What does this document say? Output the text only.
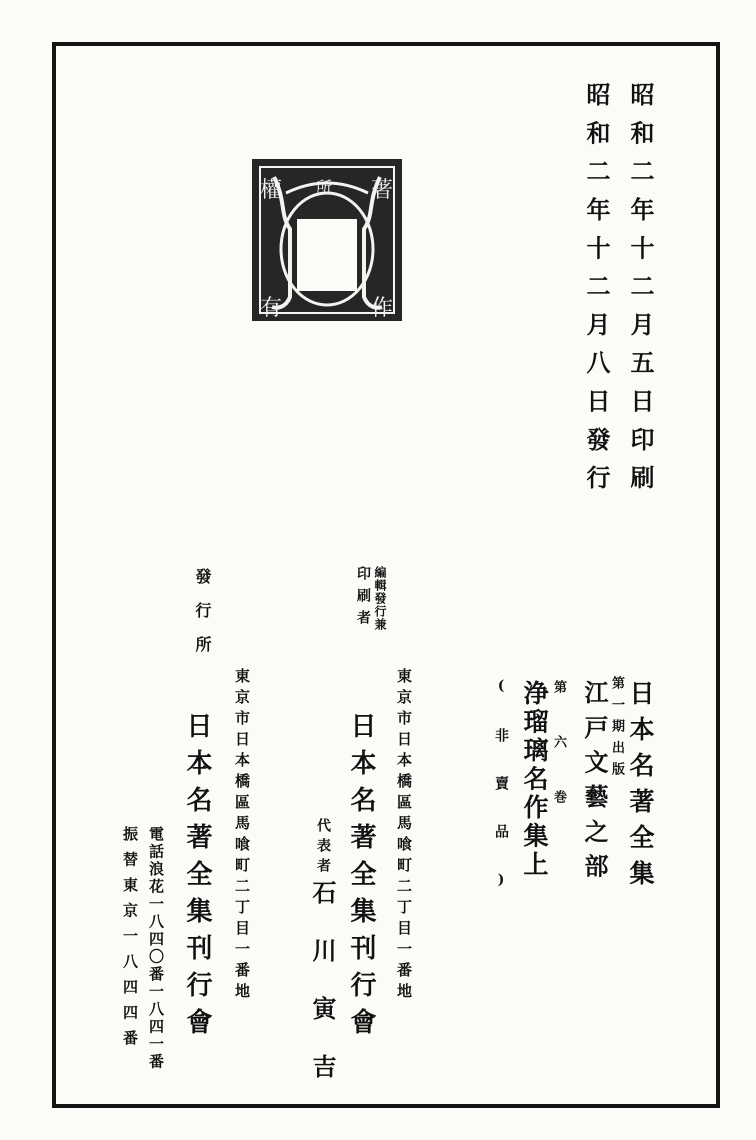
昭和二年十二月五日印刷
昭和二年十二月八日發行
權	著
所
有	作
日本名著全集
第一期出版
江戸文藝之部
第六巻
浄瑠璃名作集上
(非賣品)
編輯發行兼
印刷者
東京市日本橋區馬喰町二丁目一番地
日本名著全集刊行會
代表者
石川寅吉
發行所
東京市日本橋區馬喰町二丁目一番地
日本名著全集刊行會
電話浪花一八四〇番一八四一番
振替東京一八四四番
